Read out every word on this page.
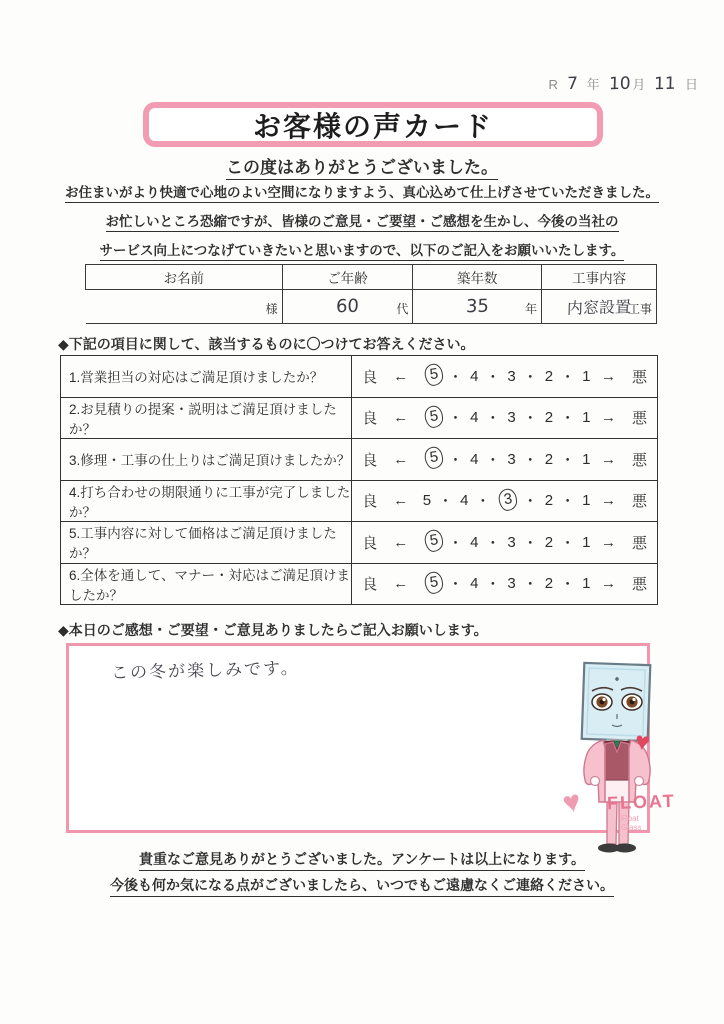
R 7 年 10 月 11 日
お客様の声カード
この度はありがとうございました。

お住まいがより快適で心地のよい空間になりますよう、真心込めて仕上げさせていただきました。

お忙しいところ恐縮ですが、皆様のご意見・ご要望・ご感想を生かし、今後の当社の

サービス向上につなげていきたいと思いますので、以下のご記入をお願いいたします。

お名前	ご年齢	築年数	工事内容

様	60 代	35 年	内窓設置
工事
◆下記の項目に関して、該当するものに〇つけてお答えください。
1.営業担当の対応はご満足頂けましたか？	良 ←	5 ・ 4 ・ 3 ・ 2 ・ 1 → 悪

2.お見積りの提案・説明はご満足頂けましたか？	
良 ←	5 ・ 4 ・ 3 ・ 2 ・ 1 → 悪

3.修理・工事の仕上りはご満足頂けましたか？	良 ←	5 ・ 4 ・ 3 ・ 2 ・ 1 → 悪

4.打ち合わせの期限通りに工事が完了しましたか？	
良 ← 5 ・ 4 ・ 3 ・ 2 ・ 1 → 悪

5.工事内容に対して価格はご満足頂けましたか？	
良 ←	5 ・ 4 ・ 3 ・ 2 ・ 1 → 悪

6.全体を通して、マナー・対応はご満足頂けましたか？	
良 ←	5 ・ 4 ・ 3 ・ 2 ・ 1 → 悪
◆本日のご感想・ご要望・ご意見ありましたらご記入お願いします。
この冬が楽しみです。
♥
♥ FLOAT
Float Glass
貴重なご意見ありがとうございました。アンケートは以上になります。
今後も何か気になる点がございましたら、いつでもご遠慮なくご連絡ください。
